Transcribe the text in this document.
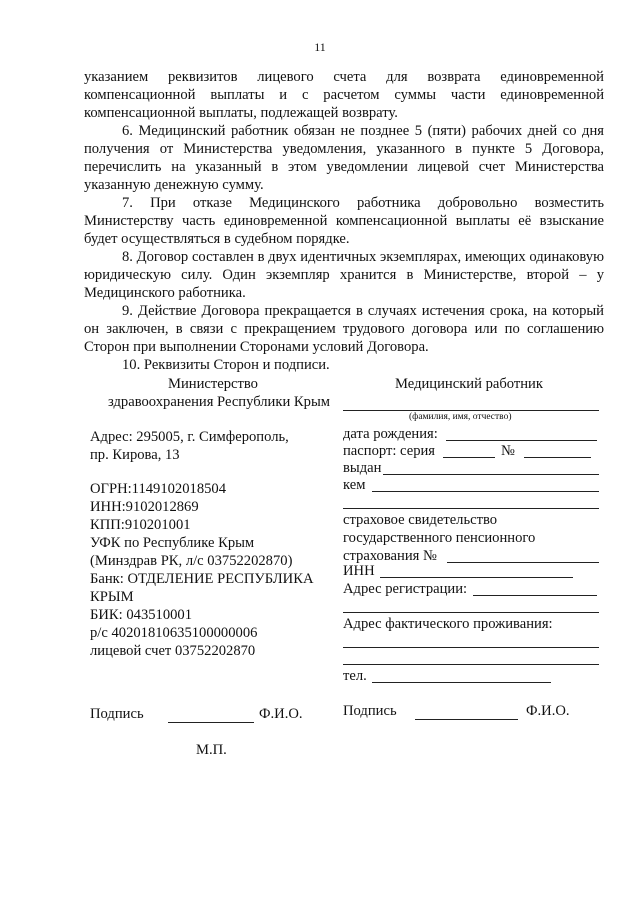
11

указанием реквизитов лицевого счета для возврата единовременной компенсационной выплаты и с расчетом суммы части единовременной компенсационной выплаты, подлежащей возврату.

6. Медицинский работник обязан не позднее 5 (пяти) рабочих дней со дня получения от Министерства уведомления, указанного в пункте 5 Договора, перечислить на указанный в этом уведомлении лицевой счет Министерства указанную денежную сумму.

7. При отказе Медицинского работника добровольно возместить Министерству часть единовременной компенсационной выплаты её взыскание будет осуществляться в судебном порядке.

8. Договор составлен в двух идентичных экземплярах, имеющих одинаковую юридическую силу. Один экземпляр хранится в Министерстве, второй – у Медицинского работника.

9. Действие Договора прекращается в случаях истечения срока, на который он заключен, в связи с прекращением трудового договора или по соглашению Сторон при выполнении Сторонами условий Договора.

10. Реквизиты Сторон и подписи.

Министерство
здравоохранения Республики Крым
Адрес: 295005, г. Симферополь,
пр. Кирова, 13
ОГРН:1149102018504
ИНН:9102012869
КПП:910201001
УФК по Республике Крым
(Минздрав РК, л/с 03752202870)
Банк: ОТДЕЛЕНИЕ РЕСПУБЛИКА
КРЫМ
БИК: 043510001
р/с 40201810635100000006
лицевой счет 03752202870
Подпись	Ф.И.О.
М.П.
Медицинский работник
(фамилия, имя, отчество)
дата рождения:
паспорт: серия	№
выдан
кем
страховое свидетельство
государственного пенсионного
страхования №
ИНН
Адрес регистрации:
Адрес фактического проживания:
тел.
Подпись	Ф.И.О.
